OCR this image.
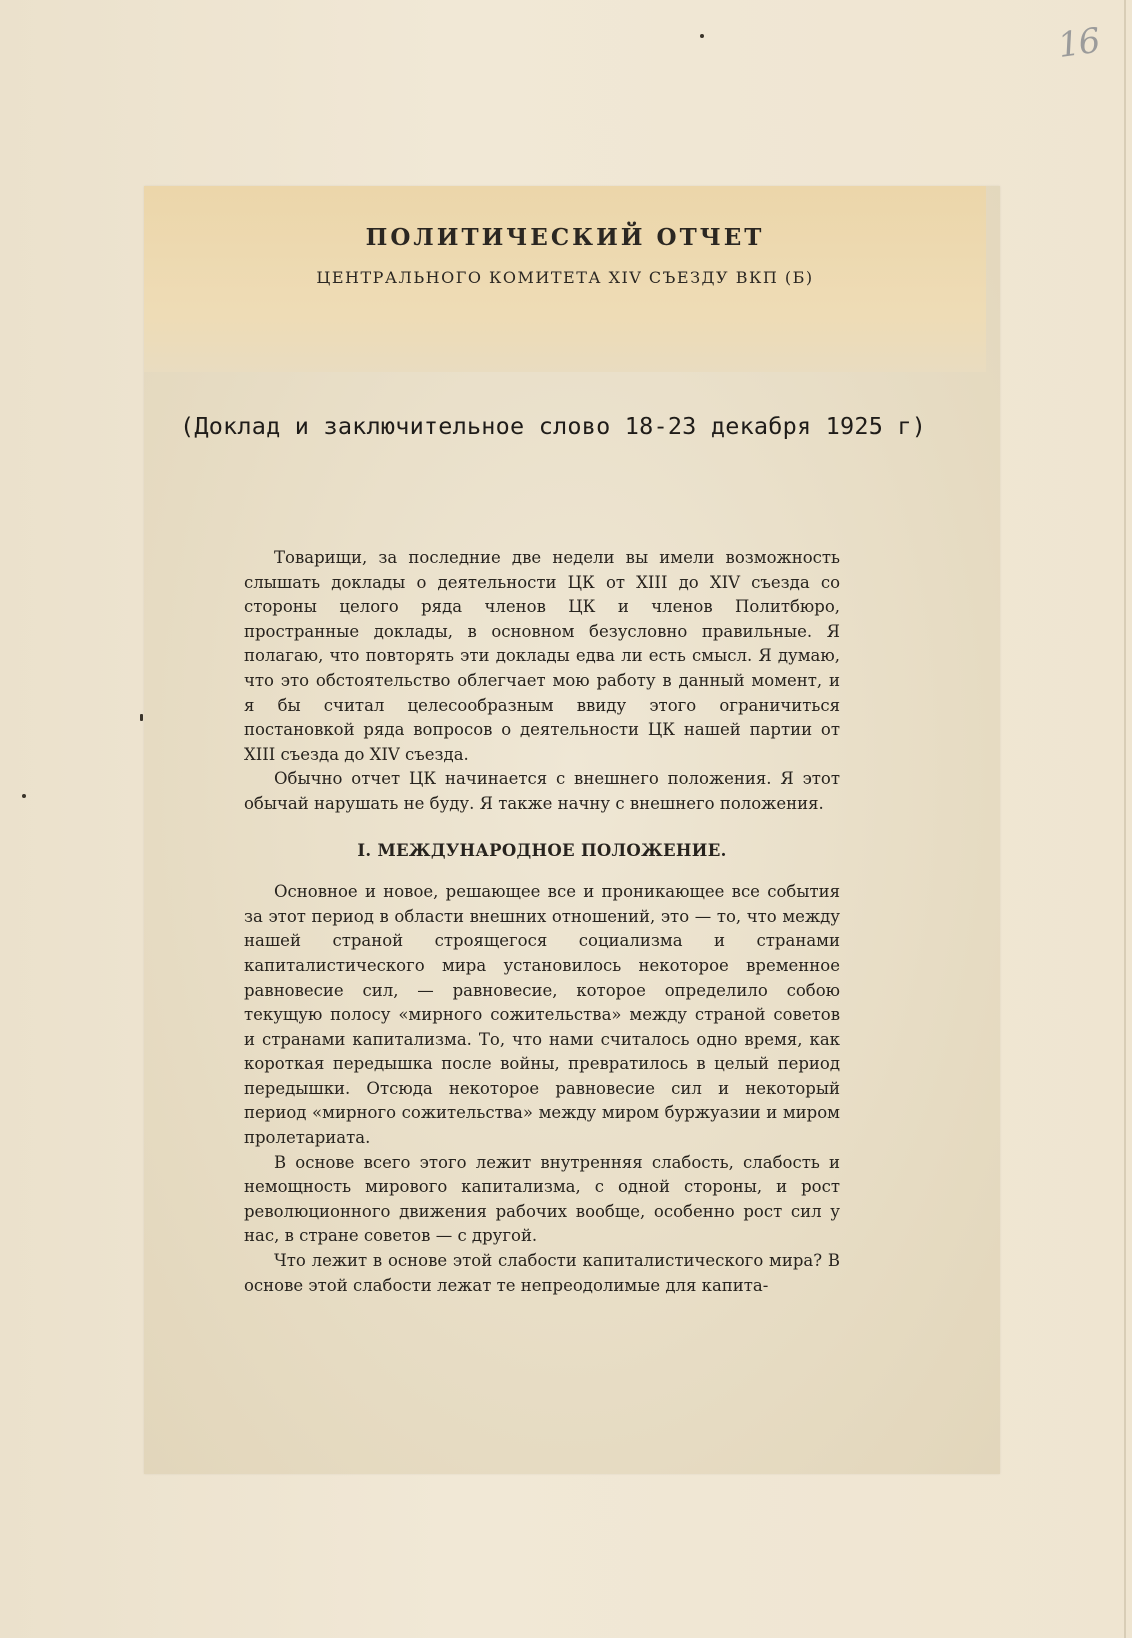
16
ПОЛИТИЧЕСКИЙ ОТЧЕТ
ЦЕНТРАЛЬНОГО КОМИТЕТА XIV СЪЕЗДУ ВКП (Б)
(Доклад и заключительное слово 18-23 декабря 1925 г)

Товарищи, за последние две недели вы имели возможность слышать доклады о деятельности ЦК от XIII до XIV съезда со стороны целого ряда членов ЦК и членов Политбюро, пространные доклады, в основном безусловно правильные. Я полагаю, что повторять эти доклады едва ли есть смысл. Я думаю, что это обстоятельство облегчает мою работу в данный момент, и я бы считал целесообразным ввиду этого ограничиться постановкой ряда вопросов о деятельности ЦК нашей партии от XIII съезда до XIV съезда.

Обычно отчет ЦК начинается с внешнего положения. Я этот обычай нарушать не буду. Я также начну с внешнего положения.

I. МЕЖДУНАРОДНОЕ ПОЛОЖЕНИЕ.

Основное и новое, решающее все и проникающее все события за этот период в области внешних отношений, это — то, что между нашей страной строящегося социализма и странами капиталистического мира установилось некоторое временное равновесие сил, — равновесие, которое определило собою текущую полосу «мирного сожительства» между страной советов и странами капитализма. То, что нами считалось одно время, как короткая передышка после войны, превратилось в целый период передышки. Отсюда некоторое равновесие сил и некоторый период «мирного сожительства» между миром буржуазии и миром пролетариата.

В основе всего этого лежит внутренняя слабость, слабость и немощность мирового капитализма, с одной стороны, и рост революционного движения рабочих вообще, особенно рост сил у нас, в стране советов — с другой.

Что лежит в основе этой слабости капиталистического мира? В основе этой слабости лежат те непреодолимые для капита-
